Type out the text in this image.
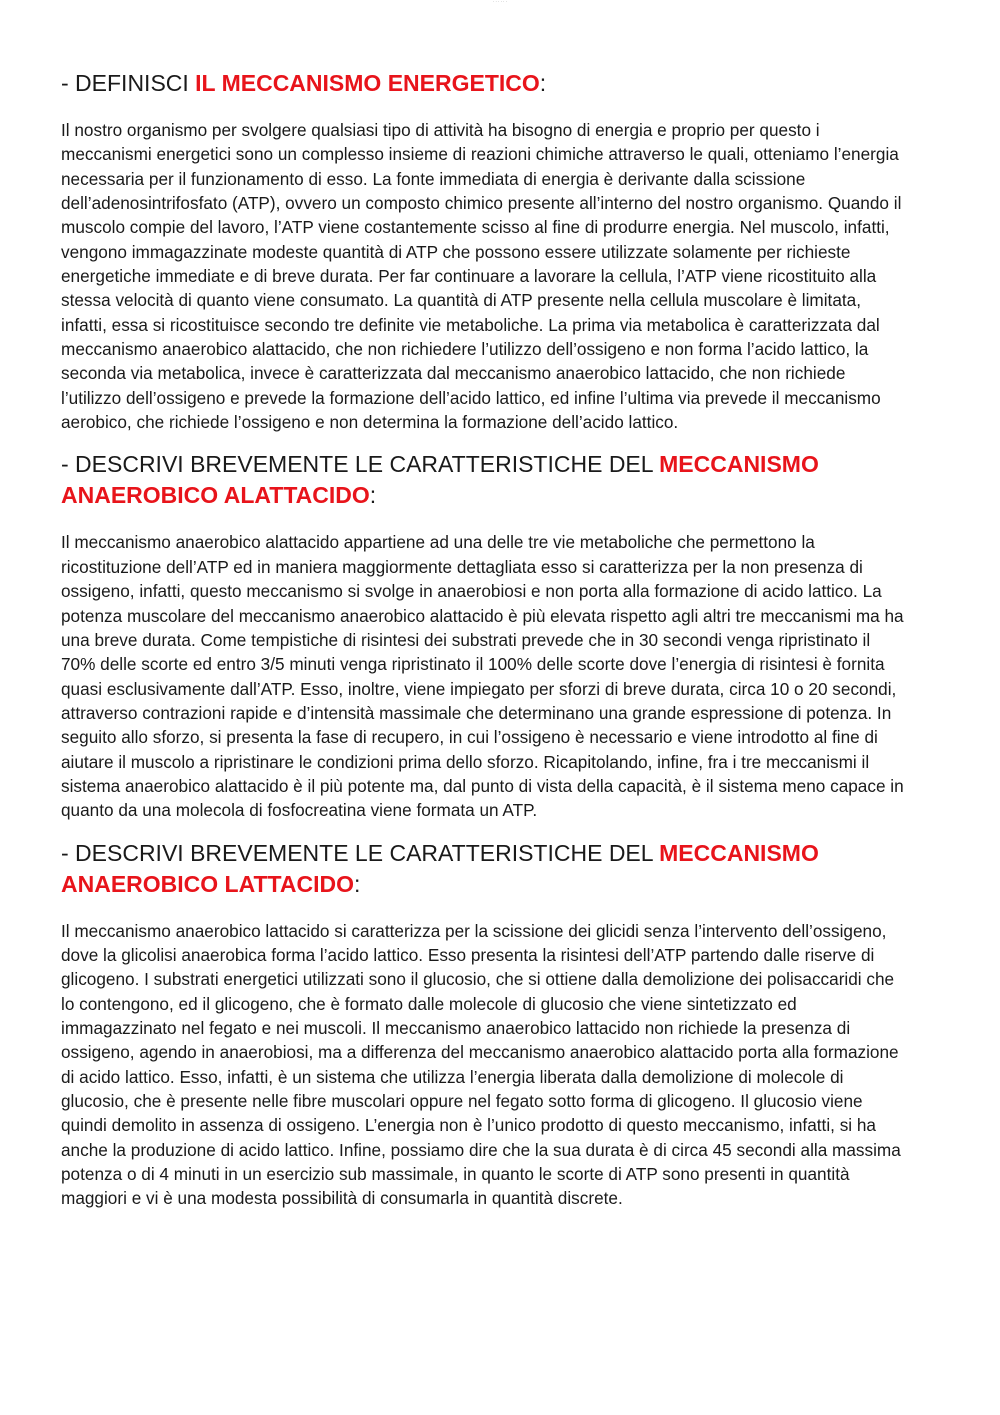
· · · · · ·
- DEFINISCI IL MECCANISMO ENERGETICO:

Il nostro organismo per svolgere qualsiasi tipo di attività ha bisogno di energia e proprio per questo i meccanismi energetici sono un complesso insieme di reazioni chimiche attraverso le quali, otteniamo l’energia necessaria per il funzionamento di esso. La fonte immediata di energia è derivante dalla scissione dell’adenosintrifosfato (ATP), ovvero un composto chimico presente all’interno del nostro organismo. Quando il muscolo compie del lavoro, l’ATP viene costantemente scisso al fine di produrre energia. Nel muscolo, infatti, vengono immagazzinate modeste quantità di ATP che possono essere utilizzate solamente per richieste energetiche immediate e di breve durata. Per far continuare a lavorare la cellula, l’ATP viene ricostituito alla stessa velocità di quanto viene consumato. La quantità di ATP presente nella cellula muscolare è limitata, infatti, essa si ricostituisce secondo tre definite vie metaboliche. La prima via metabolica è caratterizzata dal meccanismo anaerobico alattacido, che non richiedere l’utilizzo dell’ossigeno e non forma l’acido lattico, la seconda via metabolica, invece è caratterizzata dal meccanismo anaerobico lattacido, che non richiede l’utilizzo dell’ossigeno e prevede la formazione dell’acido lattico, ed infine l’ultima via prevede il meccanismo aerobico, che richiede l’ossigeno e non determina la formazione dell’acido lattico.

- DESCRIVI BREVEMENTE LE CARATTERISTICHE DEL MECCANISMO ANAEROBICO ALATTACIDO:

Il meccanismo anaerobico alattacido appartiene ad una delle tre vie metaboliche che permettono la ricostituzione dell’ATP ed in maniera maggiormente dettagliata esso si caratterizza per la non presenza di ossigeno, infatti, questo meccanismo si svolge in anaerobiosi e non porta alla formazione di acido lattico. La potenza muscolare del meccanismo anaerobico alattacido è più elevata rispetto agli altri tre meccanismi ma ha una breve durata. Come tempistiche di risintesi dei substrati prevede che in 30 secondi venga ripristinato il 70% delle scorte ed entro 3/5 minuti venga ripristinato il 100% delle scorte dove l’energia di risintesi è fornita quasi esclusivamente dall’ATP. Esso, inoltre, viene impiegato per sforzi di breve durata, circa 10 o 20 secondi, attraverso contrazioni rapide e d’intensità massimale che determinano una grande espressione di potenza. In seguito allo sforzo, si presenta la fase di recupero, in cui l’ossigeno è necessario e viene introdotto al fine di aiutare il muscolo a ripristinare le condizioni prima dello sforzo. Ricapitolando, infine, fra i tre meccanismi il sistema anaerobico alattacido è il più potente ma, dal punto di vista della capacità, è il sistema meno capace in quanto da una molecola di fosfocreatina viene formata un ATP.

- DESCRIVI BREVEMENTE LE CARATTERISTICHE DEL MECCANISMO ANAEROBICO LATTACIDO:

Il meccanismo anaerobico lattacido si caratterizza per la scissione dei glicidi senza l’intervento dell’ossigeno, dove la glicolisi anaerobica forma l’acido lattico. Esso presenta la risintesi dell’ATP partendo dalle riserve di glicogeno. I substrati energetici utilizzati sono il glucosio, che si ottiene dalla demolizione dei polisaccaridi che lo contengono, ed il glicogeno, che è formato dalle molecole di glucosio che viene sintetizzato ed immagazzinato nel fegato e nei muscoli. Il meccanismo anaerobico lattacido non richiede la presenza di ossigeno, agendo in anaerobiosi, ma a differenza del meccanismo anaerobico alattacido porta alla formazione di acido lattico. Esso, infatti, è un sistema che utilizza l’energia liberata dalla demolizione di molecole di glucosio, che è presente nelle fibre muscolari oppure nel fegato sotto forma di glicogeno. Il glucosio viene quindi demolito in assenza di ossigeno. L’energia non è l’unico prodotto di questo meccanismo, infatti, si ha anche la produzione di acido lattico. Infine, possiamo dire che la sua durata è di circa 45 secondi alla massima potenza o di 4 minuti in un esercizio sub massimale, in quanto le scorte di ATP sono presenti in quantità maggiori e vi è una modesta possibilità di consumarla in quantità discrete.
